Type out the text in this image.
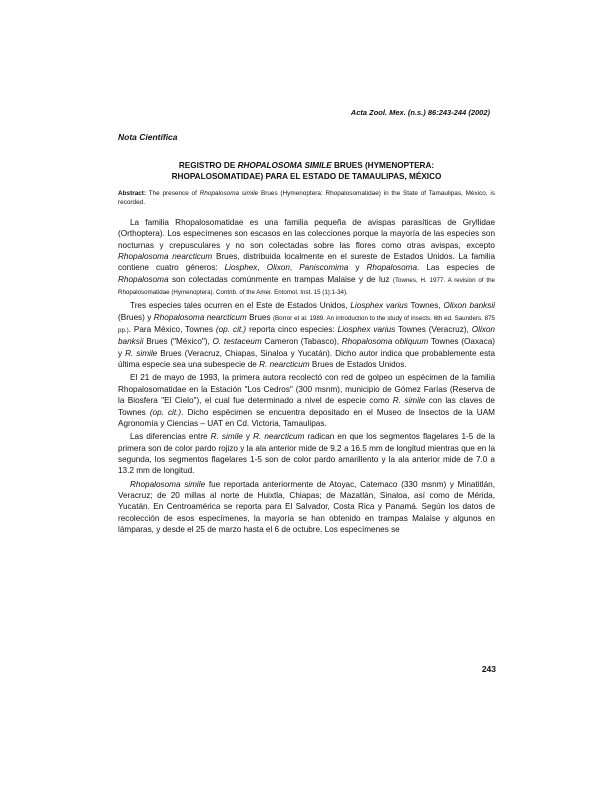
Acta Zool. Mex. (n.s.) 86:243-244 (2002)
Nota Científica
REGISTRO DE RHOPALOSOMA SIMILE BRUES (HYMENOPTERA:
RHOPALOSOMATIDAE) PARA EL ESTADO DE TAMAULIPAS, MÉXICO
Abstract: The presence of Rhopalosoma simile Brues (Hymenoptera: Rhopalosomatidae) in the State of Tamaulipas, México, is recorded.

La familia Rhopalosomatidae es una familia pequeña de avispas parasíticas de Gryllidae (Orthoptera). Los especímenes son escasos en las colecciones porque la mayoría de las especies son nocturnas y crepusculares y no son colectadas sobre las flores como otras avispas, excepto Rhopalosoma nearcticum Brues, distribuida localmente en el sureste de Estados Unidos. La familia contiene cuatro géneros: Liosphex, Olixon, Paniscomima y Rhopalosoma. Las especies de Rhopalosoma son colectadas comúnmente en trampas Malaise y de luz (Townes, H. 1977. A revision of the Rhopalosomatidae (Hymenoptera). Contrib. of the Amer. Entomol. Inst. 15 (1):1-34).

Tres especies tales ocurren en el Este de Estados Unidos, Liosphex varius Townes, Olixon banksii (Brues) y Rhopalosoma nearcticum Brues (Borror et al. 1989. An introduction to the study of insects. 6th ed. Saunders. 875 pp.). Para México, Townes (op. cit.) reporta cinco especies: Liosphex varius Townes (Veracruz), Olixon banksii Brues ("México"), O. testaceum Cameron (Tabasco), Rhopalosoma obliquum Townes (Oaxaca) y R. simile Brues (Veracruz, Chiapas, Sinaloa y Yucatán). Dicho autor indica que probablemente esta última especie sea una subespecie de R. nearcticum Brues de Estados Unidos.

El 21 de mayo de 1993, la primera autora recolectó con red de golpeo un espécimen de la familia Rhopalosomatidae en la Estación "Los Cedros" (300 msnm), municipio de Gómez Farías (Reserva de la Biosfera "El Cielo"), el cual fue determinado a nivel de especie como R. simile con las claves de Townes (op. cit.). Dicho espécimen se encuentra depositado en el Museo de Insectos de la UAM Agronomía y Ciencias – UAT en Cd. Victoria, Tamaulipas.

Las diferencias entre R. simile y R. nearcticum radican en que los segmentos flagelares 1-5 de la primera son de color pardo rojizo y la ala anterior mide de 9.2 a 16.5 mm de longitud mientras que en la segunda, los segmentos flagelares 1-5 son de color pardo amarillento y la ala anterior mide de 7.0 a 13.2 mm de longitud.

Rhopalosoma simile fue reportada anteriormente de Atoyac, Catemaco (330 msnm) y Minatitlán, Veracruz; de 20 millas al norte de Huixtla, Chiapas; de Mazatlán, Sinaloa, así como de Mérida, Yucatán. En Centroamérica se reporta para El Salvador, Costa Rica y Panamá. Según los datos de recolección de esos especímenes, la mayoría se han obtenido en trampas Malaise y algunos en lámparas, y desde el 25 de marzo hasta el 6 de octubre. Los especímenes se

243
